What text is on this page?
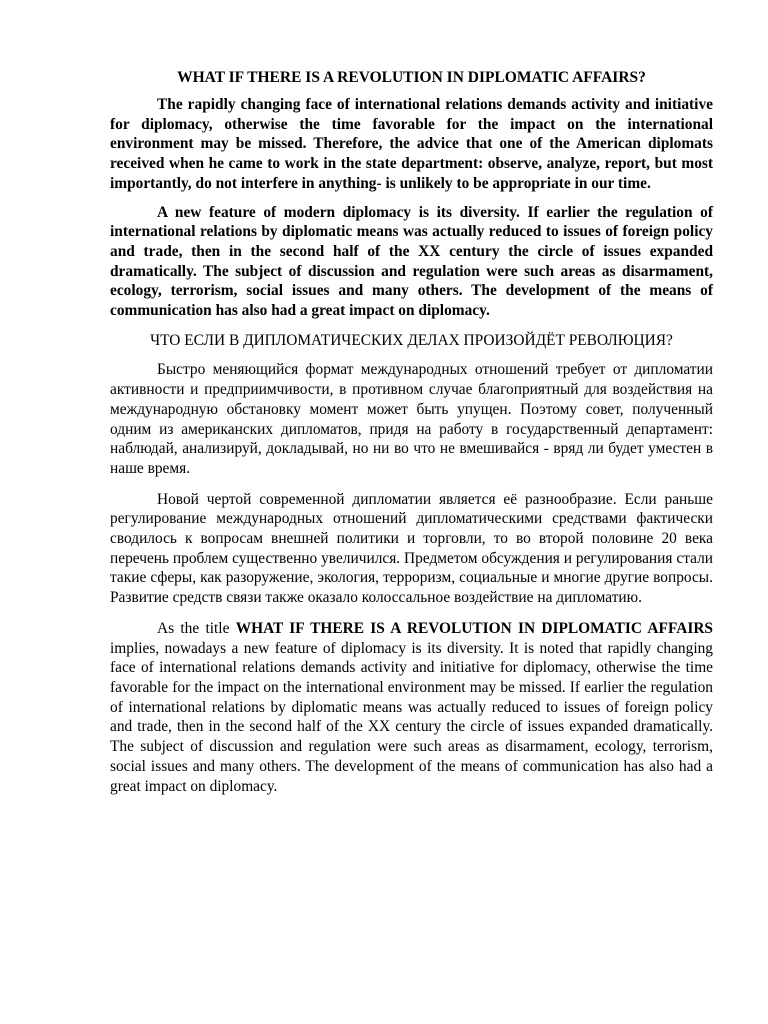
WHAT IF THERE IS A REVOLUTION IN DIPLOMATIC AFFAIRS?

The rapidly changing face of international relations demands activity and initiative for diplomacy, otherwise the time favorable for the impact on the international environment may be missed. Therefore, the advice that one of the American diplomats received when he came to work in the state department: observe, analyze, report, but most importantly, do not interfere in anything- is unlikely to be appropriate in our time.

A new feature of modern diplomacy is its diversity. If earlier the regulation of international relations by diplomatic means was actually reduced to issues of foreign policy and trade, then in the second half of the XX century the circle of issues expanded dramatically. The subject of discussion and regulation were such areas as disarmament, ecology, terrorism, social issues and many others. The development of the means of communication has also had a great impact on diplomacy.

ЧТО ЕСЛИ В ДИПЛОМАТИЧЕСКИХ ДЕЛАХ ПРОИЗОЙДЁТ РЕВОЛЮЦИЯ?

Быстро меняющийся формат международных отношений требует от дипломатии активности и предприимчивости, в противном случае благоприятный для воздействия на международную обстановку момент может быть упущен. Поэтому совет, полученный одним из американских дипломатов, придя на работу в государственный департамент: наблюдай, анализируй, докладывай, но ни во что не вмешивайся - вряд ли будет уместен в наше время.

Новой чертой современной дипломатии является её разнообразие. Если раньше регулирование международных отношений дипломатическими средствами фактически сводилось к вопросам внешней политики и торговли, то во второй половине 20 века перечень проблем существенно увеличился. Предметом обсуждения и регулирования стали такие сферы, как разоружение, экология, терроризм, социальные и многие другие вопросы. Развитие средств связи также оказало колоссальное воздействие на дипломатию.

As the title WHAT IF THERE IS A REVOLUTION IN DIPLOMATIC AFFAIRS implies, nowadays a new feature of diplomacy is its diversity. It is noted that rapidly changing face of international relations demands activity and initiative for diplomacy, otherwise the time favorable for the impact on the international environment may be missed. If earlier the regulation of international relations by diplomatic means was actually reduced to issues of foreign policy and trade, then in the second half of the XX century the circle of issues expanded dramatically. The subject of discussion and regulation were such areas as disarmament, ecology, terrorism, social issues and many others. The development of the means of communication has also had a great impact on diplomacy.
